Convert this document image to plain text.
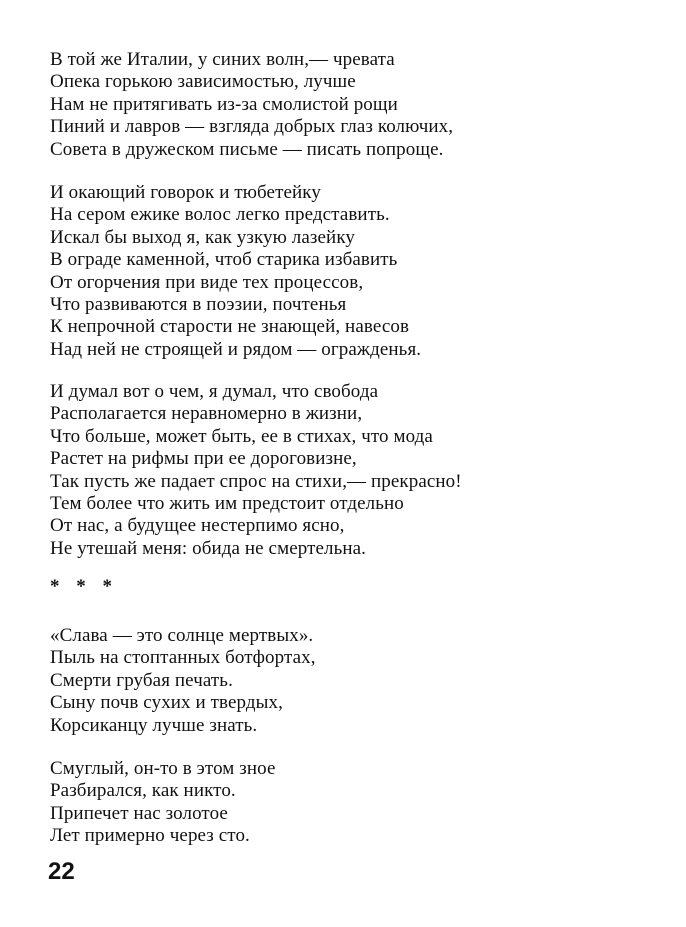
В той же Италии, у синих волн,— чревата
Опека горькою зависимостью, лучше
Нам не притягивать из-за смолистой рощи
Пиний и лавров — взгляда добрых глаз колючих,
Совета в дружеском письме — писать попроще.
И окающий говорок и тюбетейку
На сером ежике волос легко представить.
Искал бы выход я, как узкую лазейку
В ограде каменной, чтоб старика избавить
От огорчения при виде тех процессов,
Что развиваются в поэзии, почтенья
К непрочной старости не знающей, навесов
Над ней не строящей и рядом — огражденья.
И думал вот о чем, я думал, что свобода
Располагается неравномерно в жизни,
Что больше, может быть, ее в стихах, что мода
Растет на рифмы при ее дороговизне,
Так пусть же падает спрос на стихи,— прекрасно!
Тем более что жить им предстоит отдельно
От нас, а будущее нестерпимо ясно,
Не утешай меня: обида не смертельна.
* * *
«Слава — это солнце мертвых».
Пыль на стоптанных ботфортах,
Смерти грубая печать.
Сыну почв сухих и твердых,
Корсиканцу лучше знать.
Смуглый, он-то в этом зное
Разбирался, как никто.
Припечет нас золотое
Лет примерно через сто.
22
